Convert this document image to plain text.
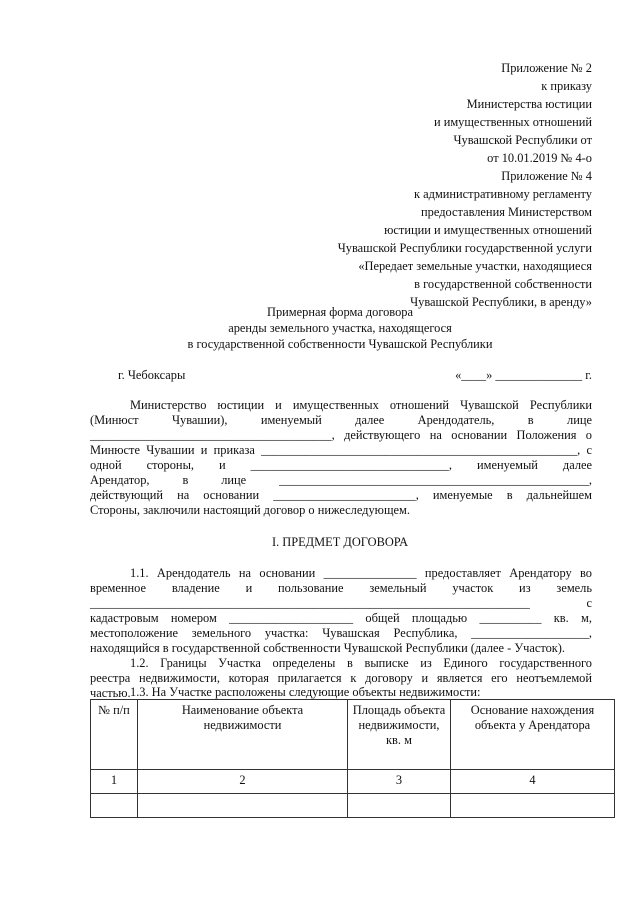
Приложение № 2
к приказу
Министерства юстиции
и имущественных отношений
Чувашской Республики от
от 10.01.2019 № 4-о
Приложение № 4
к административному регламенту
предоставления Министерством
юстиции и имущественных отношений
Чувашской Республики государственной услуги
«Передает земельные участки, находящиеся
в государственной собственности
Чувашской Республики, в аренду»
Примерная форма договора
аренды земельного участка, находящегося
в государственной собственности Чувашской Республики
г. Чебоксары	«____» ______________ г.
Министерство юстиции и имущественных отношений Чувашской Республики
(Минюст Чувашии), именуемый далее Арендодатель, в лице
_______________________________________, действующего на основании Положения о
Минюсте Чувашии и приказа ___________________________________________________, с
одной стороны, и ________________________________, именуемый далее
Арендатор, в лице __________________________________________________,
действующий на основании _______________________, именуемые в дальнейшем
Стороны, заключили настоящий договор о нижеследующем.
I. ПРЕДМЕТ ДОГОВОРА
1.1. Арендодатель на основании _______________ предоставляет Арендатору во
временное владение и пользование земельный участок из земель
_______________________________________________________________________ с
кадастровым номером ____________________ общей площадью __________ кв. м,
местоположение земельного участка: Чувашская Республика, ___________________,
находящийся в государственной собственности Чувашской Республики (далее - Участок).
1.2. Границы Участка определены в выписке из Единого государственного
реестра недвижимости, которая прилагается к договору и является его неотъемлемой
частью. 1.3. На Участке расположены следующие объекты недвижимости:
№ п/п	Наименование объекта недвижимости	Площадь объекта недвижимости, кв. м	Основание нахождения объекта у Арендатора
1	2	3	4
